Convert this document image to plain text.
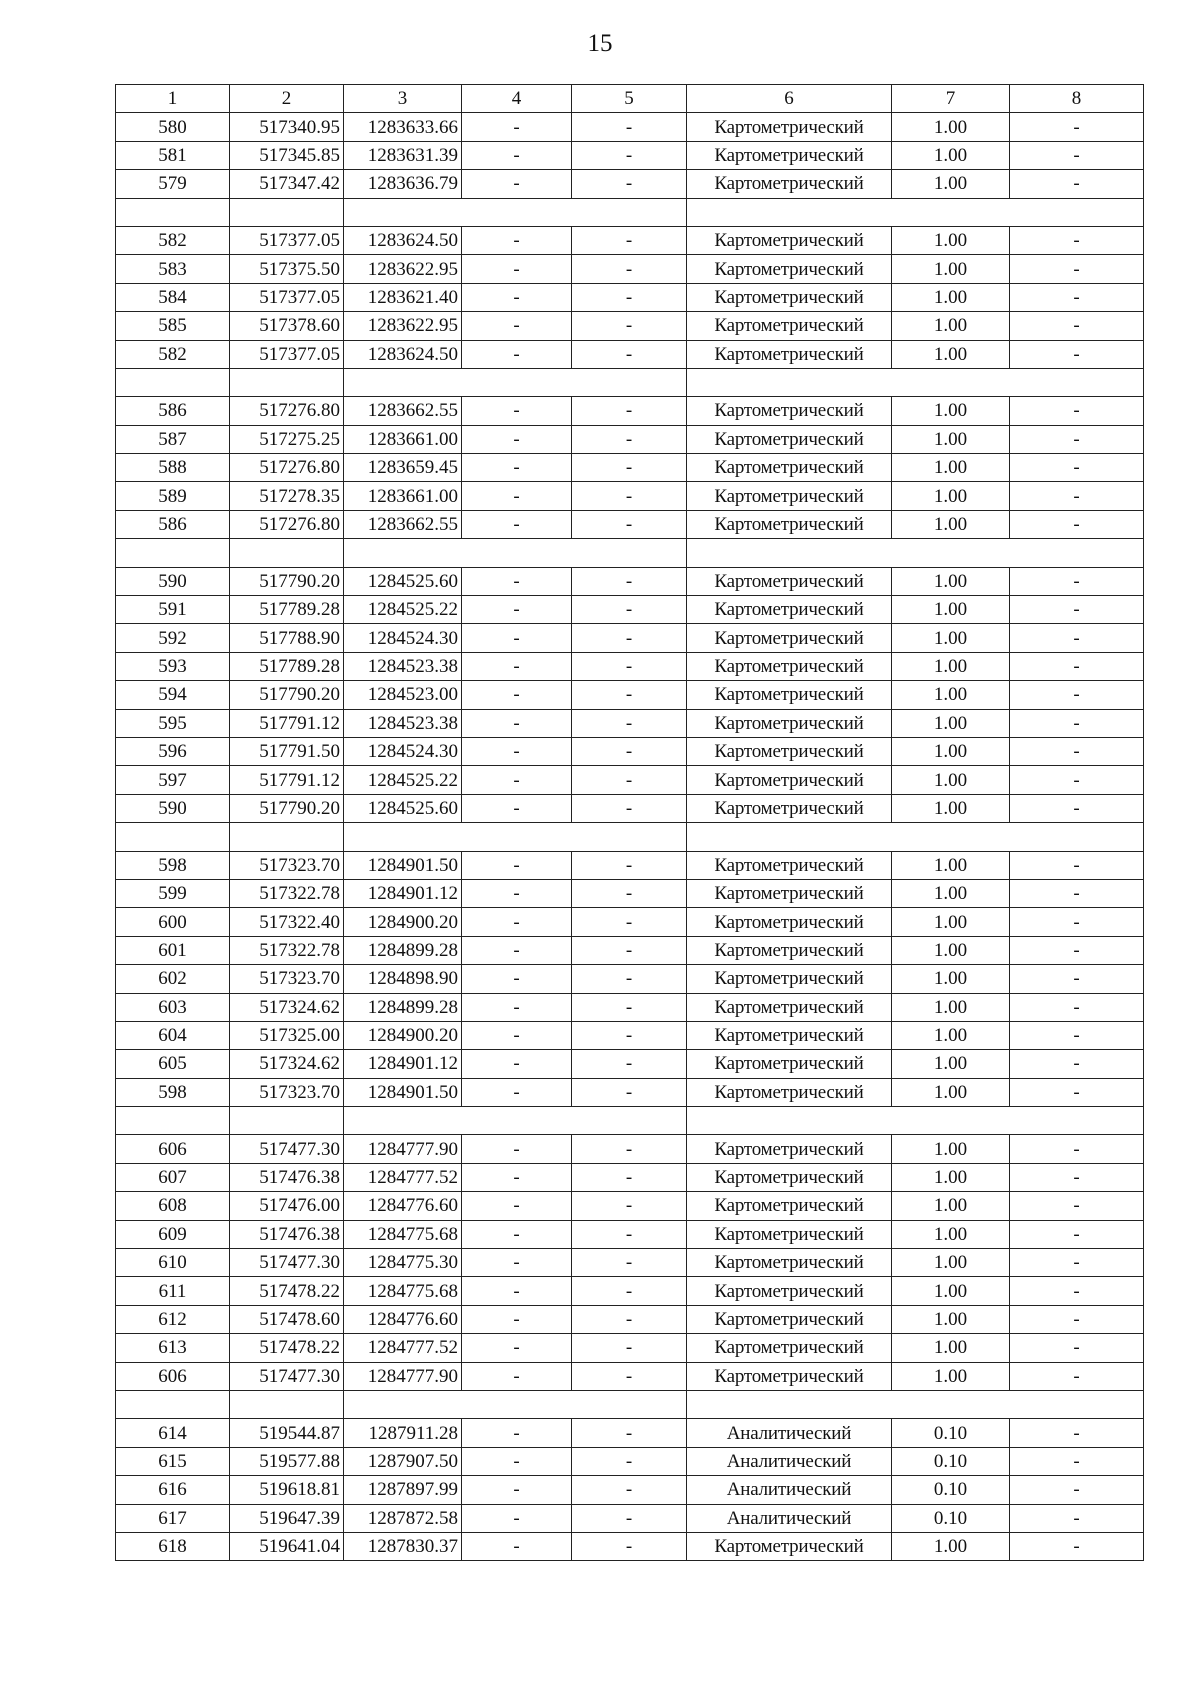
15
1	2	3	4	5	6	7	8
580	517340.95	1283633.66	-	-	Картометрический	1.00	-
581	517345.85	1283631.39	-	-	Картометрический	1.00	-
579	517347.42	1283636.79	-	-	Картометрический	1.00	-

582	517377.05	1283624.50	-	-	Картометрический	1.00	-
583	517375.50	1283622.95	-	-	Картометрический	1.00	-
584	517377.05	1283621.40	-	-	Картометрический	1.00	-
585	517378.60	1283622.95	-	-	Картометрический	1.00	-
582	517377.05	1283624.50	-	-	Картометрический	1.00	-

586	517276.80	1283662.55	-	-	Картометрический	1.00	-
587	517275.25	1283661.00	-	-	Картометрический	1.00	-
588	517276.80	1283659.45	-	-	Картометрический	1.00	-
589	517278.35	1283661.00	-	-	Картометрический	1.00	-
586	517276.80	1283662.55	-	-	Картометрический	1.00	-

590	517790.20	1284525.60	-	-	Картометрический	1.00	-
591	517789.28	1284525.22	-	-	Картометрический	1.00	-
592	517788.90	1284524.30	-	-	Картометрический	1.00	-
593	517789.28	1284523.38	-	-	Картометрический	1.00	-
594	517790.20	1284523.00	-	-	Картометрический	1.00	-
595	517791.12	1284523.38	-	-	Картометрический	1.00	-
596	517791.50	1284524.30	-	-	Картометрический	1.00	-
597	517791.12	1284525.22	-	-	Картометрический	1.00	-
590	517790.20	1284525.60	-	-	Картометрический	1.00	-

598	517323.70	1284901.50	-	-	Картометрический	1.00	-
599	517322.78	1284901.12	-	-	Картометрический	1.00	-
600	517322.40	1284900.20	-	-	Картометрический	1.00	-
601	517322.78	1284899.28	-	-	Картометрический	1.00	-
602	517323.70	1284898.90	-	-	Картометрический	1.00	-
603	517324.62	1284899.28	-	-	Картометрический	1.00	-
604	517325.00	1284900.20	-	-	Картометрический	1.00	-
605	517324.62	1284901.12	-	-	Картометрический	1.00	-
598	517323.70	1284901.50	-	-	Картометрический	1.00	-

606	517477.30	1284777.90	-	-	Картометрический	1.00	-
607	517476.38	1284777.52	-	-	Картометрический	1.00	-
608	517476.00	1284776.60	-	-	Картометрический	1.00	-
609	517476.38	1284775.68	-	-	Картометрический	1.00	-
610	517477.30	1284775.30	-	-	Картометрический	1.00	-
611	517478.22	1284775.68	-	-	Картометрический	1.00	-
612	517478.60	1284776.60	-	-	Картометрический	1.00	-
613	517478.22	1284777.52	-	-	Картометрический	1.00	-
606	517477.30	1284777.90	-	-	Картометрический	1.00	-

614	519544.87	1287911.28	-	-	Аналитический	0.10	-
615	519577.88	1287907.50	-	-	Аналитический	0.10	-
616	519618.81	1287897.99	-	-	Аналитический	0.10	-
617	519647.39	1287872.58	-	-	Аналитический	0.10	-
618	519641.04	1287830.37	-	-	Картометрический	1.00	-
